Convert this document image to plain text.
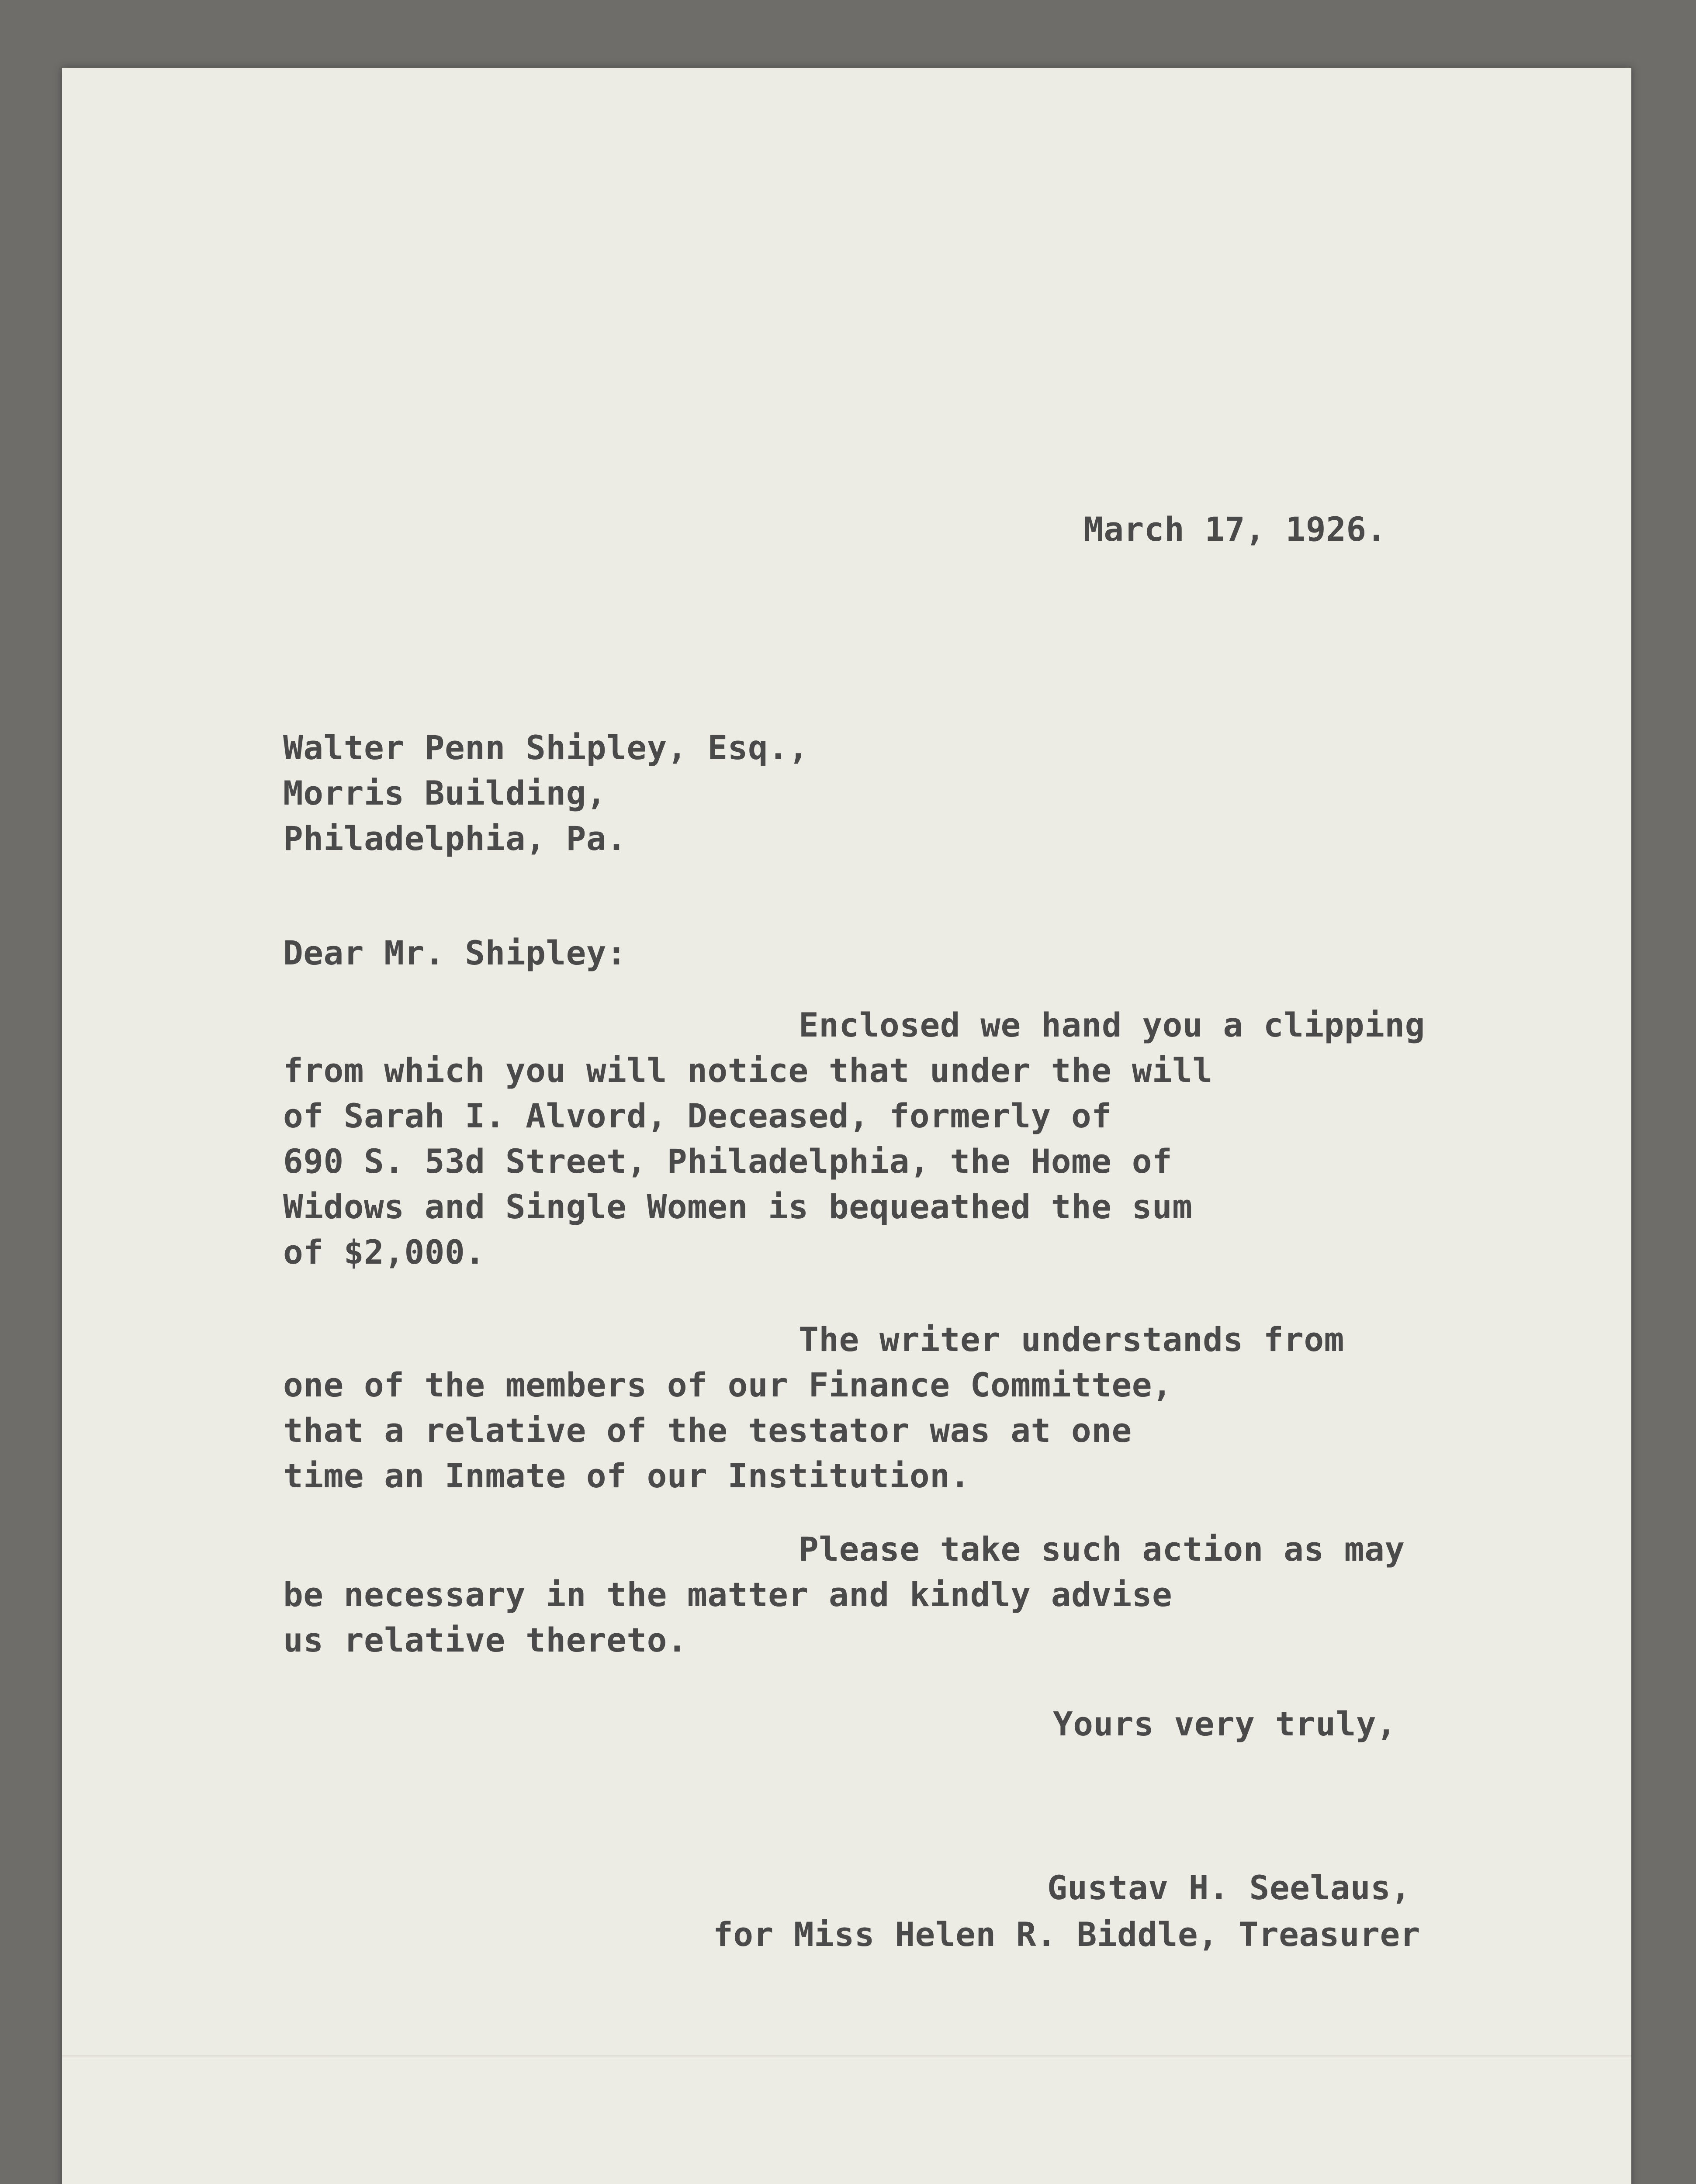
March 17, 1926.
Walter Penn Shipley, Esq.,
Morris Building,
Philadelphia, Pa.
Dear Mr. Shipley:
Enclosed we hand you a clipping
from which you will notice that under the will
of Sarah I. Alvord, Deceased, formerly of
690 S. 53d Street, Philadelphia, the Home of
Widows and Single Women is bequeathed the sum
of $2,000.
The writer understands from
one of the members of our Finance Committee,
that a relative of the testator was at one
time an Inmate of our Institution.
Please take such action as may
be necessary in the matter and kindly advise
us relative thereto.
Yours very truly,
Gustav H. Seelaus,
for Miss Helen R. Biddle, Treasurer
